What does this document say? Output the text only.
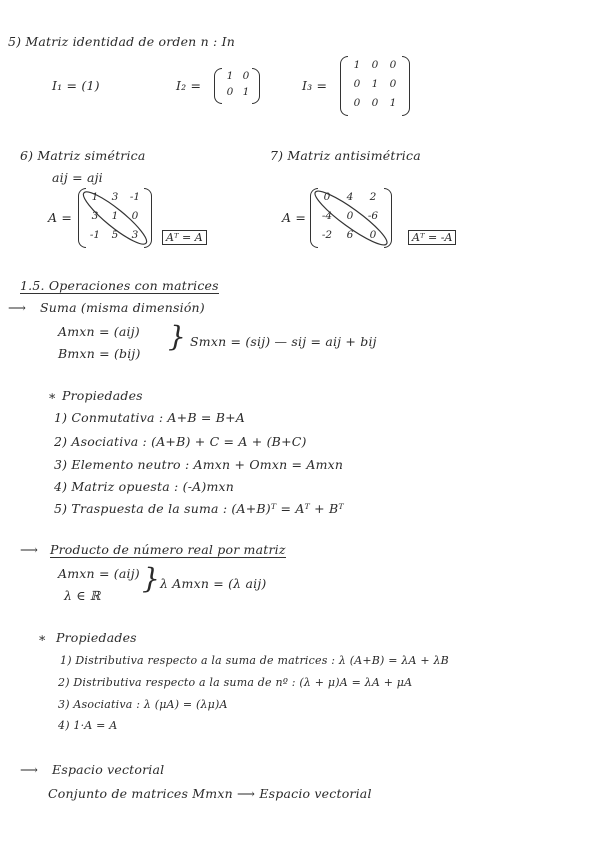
5) Matriz identidad de orden n : In
I₁ = (1)	I₂ =
1 0
0 1	I₃ =
1	0	0
0	1	0
0	0	1
6) Matriz simétrica
aij = aji
A =
1	3	-1
3	1	0
-1	5	3	Aᵀ = A
7) Matriz antisimétrica
A =
0	4	2
-4	0	-6
-2	6	0	Aᵀ = -A
1.5. Operaciones con matrices
⟶ Suma (misma dimensión)
Amxn = (aij)
Bmxn = (bij)
} Smxn = (sij) — sij = aij + bij
∗ Propiedades
1) Conmutativa : A+B = B+A
2) Asociativa : (A+B) + C = A + (B+C)
3) Elemento neutro : Amxn + Omxn = Amxn
4) Matriz opuesta : (-A)mxn
5) Traspuesta de la suma : (A+B)ᵀ = Aᵀ + Bᵀ
⟶ Producto de número real por matriz
Amxn = (aij)
λ ∈ ℝ
} λ Amxn = (λ aij)
∗ Propiedades
1) Distributiva respecto a la suma de matrices : λ (A+B) = λA + λB
2) Distributiva respecto a la suma de nº : (λ + μ)A = λA + μA
3) Asociativa : λ (μA) = (λμ)A
4) 1·A = A
⟶ Espacio vectorial
Conjunto de matrices Mmxn ⟶ Espacio vectorial
